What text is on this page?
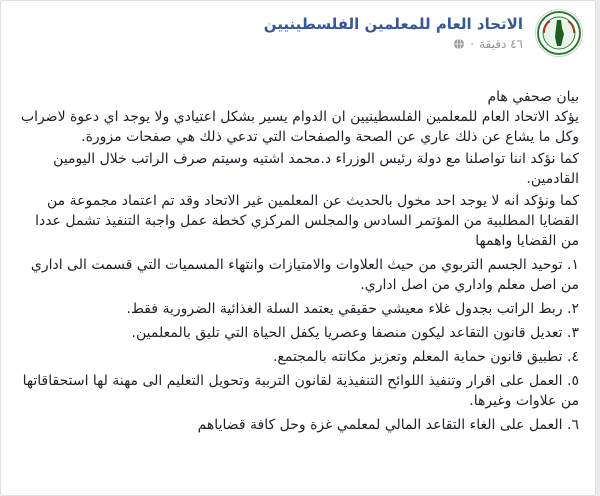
الاتحاد العام للمعلمين الفلسطينيين
٤٦ دقيقة
·

بيان صحفي هام

يؤكد الاتحاد العام للمعلمين الفلسطينيين ان الدوام يسير بشكل اعتيادي ولا يوجد اي دعوة لاضراب وكل ما يشاع عن ذلك عاري عن الصحة والصفحات التي تدعي ذلك هي صفحات مزورة.

كما نؤكد اننا تواصلنا مع دولة رئيس الوزراء د.محمد اشتيه وسيتم صرف الراتب خلال اليومين القادمين.

كما ونؤكد انه لا يوجد احد مخول بالحديث عن المعلمين غير الاتحاد وقد تم اعتماد مجموعة من القضايا المطلبية من المؤتمر السادس والمجلس المركزي كخطة عمل واجبة التنفيذ تشمل عددا من القضايا واهمها

١. توحيد الجسم التربوي من حيث العلاوات والامتيازات وانتهاء المسميات التي قسمت الى اداري من اصل معلم واداري من اصل اداري.

٢. ربط الراتب بجدول غلاء معيشي حقيقي يعتمد السلة الغذائية الضرورية فقط.

٣. تعديل قانون التقاعد ليكون منصفا وعصريا يكفل الحياة التي تليق بالمعلمين.

٤. تطبيق قانون حماية المعلم وتعزيز مكانته بالمجتمع.

٥. العمل على اقرار وتنفيذ اللوائح التنفيذية لقانون التربية وتحويل التعليم الى مهنة لها استحقاقاتها من علاوات وغيرها.

٦. العمل على الغاء التقاعد المالي لمعلمي غزة وحل كافة قضاياهم
